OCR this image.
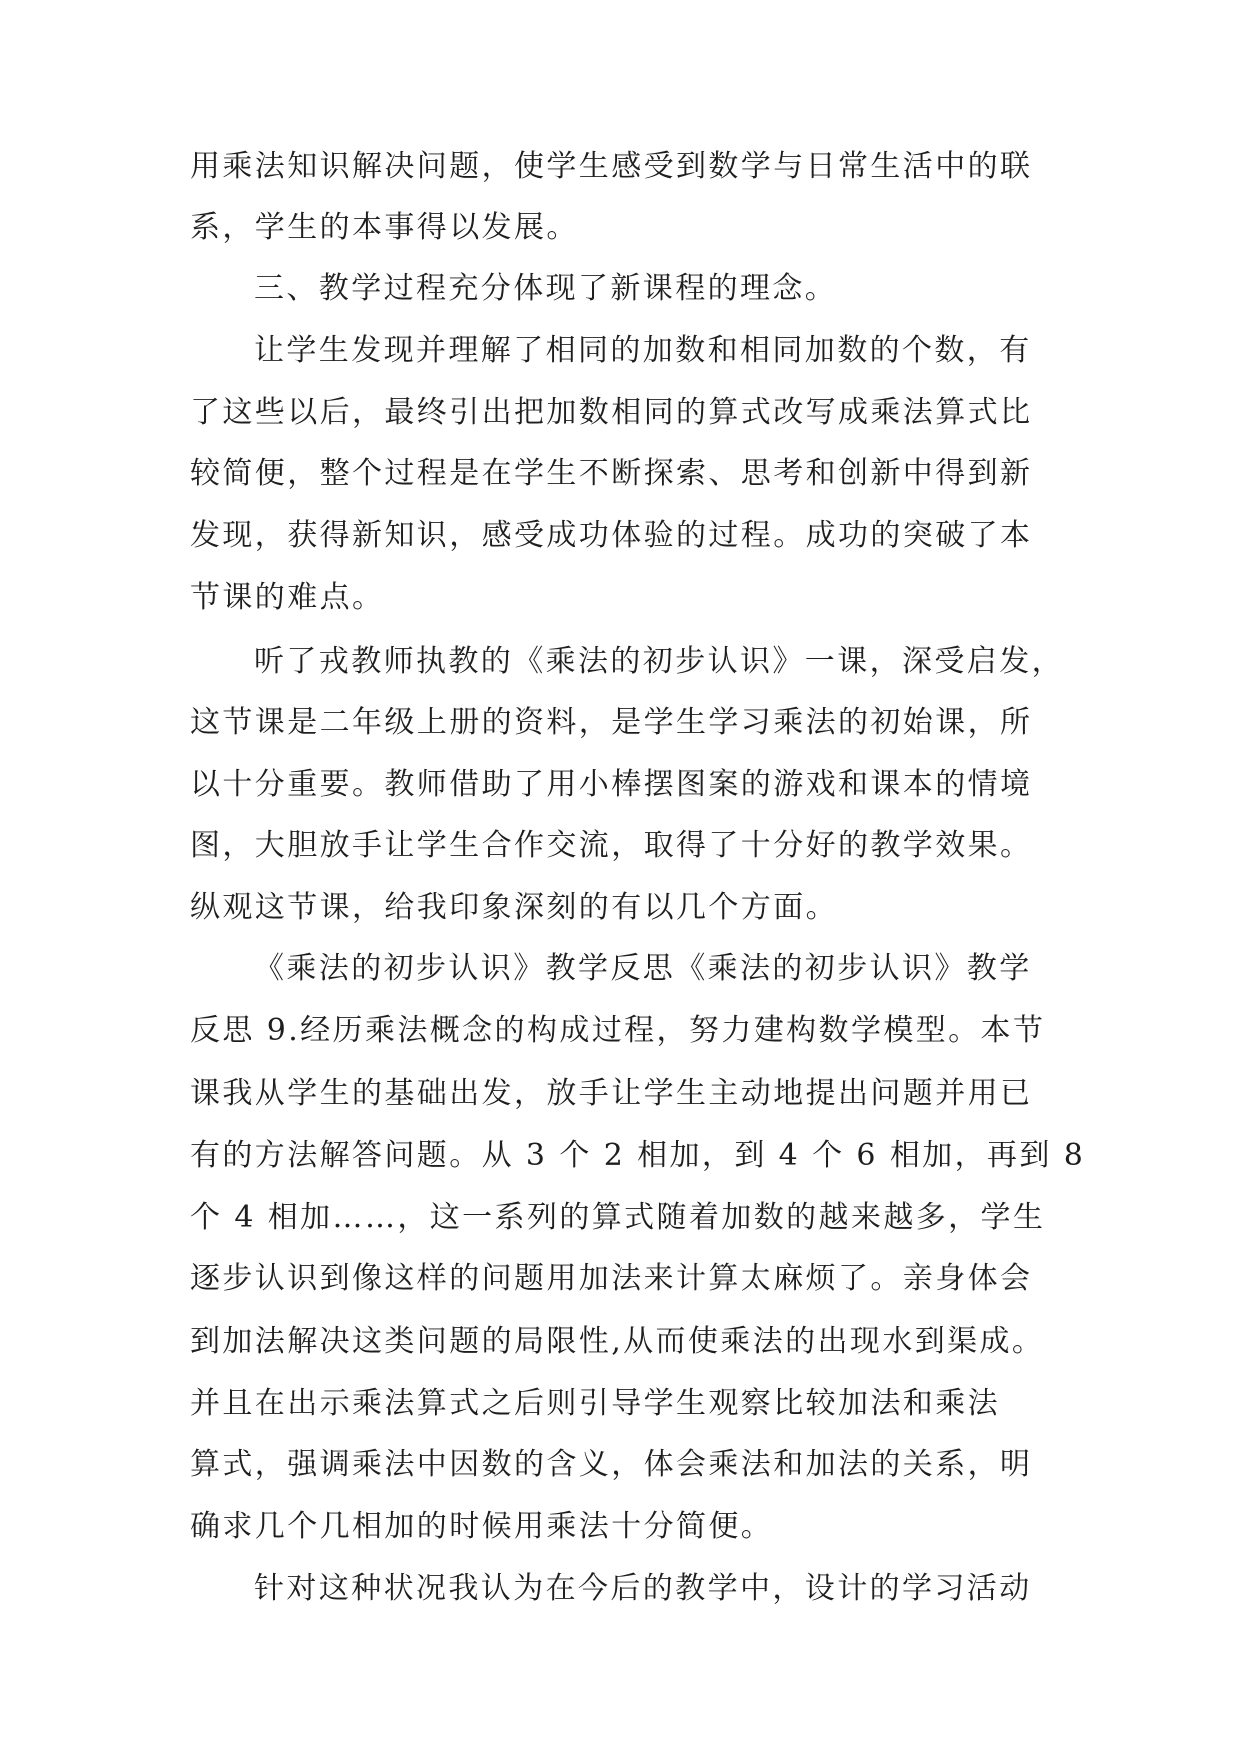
用乘法知识解决问题，使学生感受到数学与日常生活中的联
系，学生的本事得以发展。
三、教学过程充分体现了新课程的理念。
让学生发现并理解了相同的加数和相同加数的个数，有
了这些以后，最终引出把加数相同的算式改写成乘法算式比
较简便，整个过程是在学生不断探索、思考和创新中得到新
发现，获得新知识，感受成功体验的过程。成功的突破了本
节课的难点。
听了戎教师执教的《乘法的初步认识》一课，深受启发，
这节课是二年级上册的资料，是学生学习乘法的初始课，所
以十分重要。教师借助了用小棒摆图案的游戏和课本的情境
图，大胆放手让学生合作交流，取得了十分好的教学效果。
纵观这节课，给我印象深刻的有以几个方面。
《乘法的初步认识》教学反思《乘法的初步认识》教学
反思 9.经历乘法概念的构成过程，努力建构数学模型。本节
课我从学生的基础出发，放手让学生主动地提出问题并用已
有的方法解答问题。从 3 个 2 相加，到 4 个 6 相加，再到 8
个 4 相加……，这一系列的算式随着加数的越来越多，学生
逐步认识到像这样的问题用加法来计算太麻烦了。亲身体会
到加法解决这类问题的局限性,从而使乘法的出现水到渠成。
并且在出示乘法算式之后则引导学生观察比较加法和乘法
算式，强调乘法中因数的含义，体会乘法和加法的关系，明
确求几个几相加的时候用乘法十分简便。
针对这种状况我认为在今后的教学中，设计的学习活动
